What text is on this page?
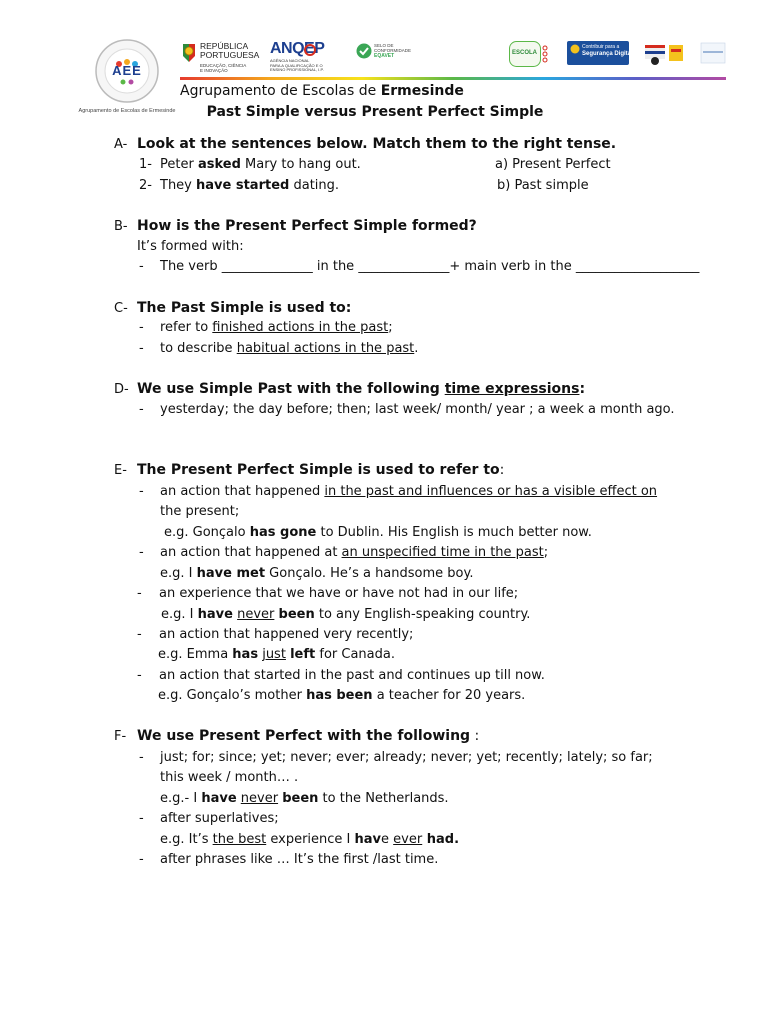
AEE
Agrupamento de Escolas de Ermesinde
REPÚBLICA
PORTUGUESA
EDUCAÇÃO, CIÊNCIA
E INOVAÇÃO
ANQEP
AGÊNCIA NACIONAL
PARA A QUALIFICAÇÃO E O
ENSINO PROFISSIONAL, I.P.
SELO DE
CONFORMIDADE
EQAVET	ESCOLA
Contribuir para a
Segurança Digital
Agrupamento de Escolas de Ermesinde
Past Simple versus Present Perfect Simple
A- Look at the sentences below. Match them to the right tense.
1- Peter asked Mary to hang out.	a) Present Perfect
2- They have started dating.	b) Past simple
B- How is the Present Perfect Simple formed?
It’s formed with:
- The verb ______________ in the ______________+ main verb in the ___________________
C- The Past Simple is used to:
- refer to finished actions in the past;
- to describe habitual actions in the past.
D- We use Simple Past with the following time expressions:
- yesterday; the day before; then; last week/ month/ year ; a week a month ago.
E- The Present Perfect Simple is used to refer to:
- an action that happened in the past and influences or has a visible effect on
the present;
e.g. Gonçalo has gone to Dublin. His English is much better now.
- an action that happened at an unspecified time in the past;
e.g. I have met Gonçalo. He’s a handsome boy.
- an experience that we have or have not had in our life;
e.g. I have never been to any English-speaking country.
- an action that happened very recently;
e.g. Emma has just left for Canada.
- an action that started in the past and continues up till now.
e.g. Gonçalo’s mother has been a teacher for 20 years.
F- We use Present Perfect with the following :
- just; for; since; yet; never; ever; already; never; yet; recently; lately; so far;
this week / month… .
e.g.- I have never been to the Netherlands.
- after superlatives;
e.g. It’s the best experience I have ever had.
- after phrases like … It’s the first /last time.
